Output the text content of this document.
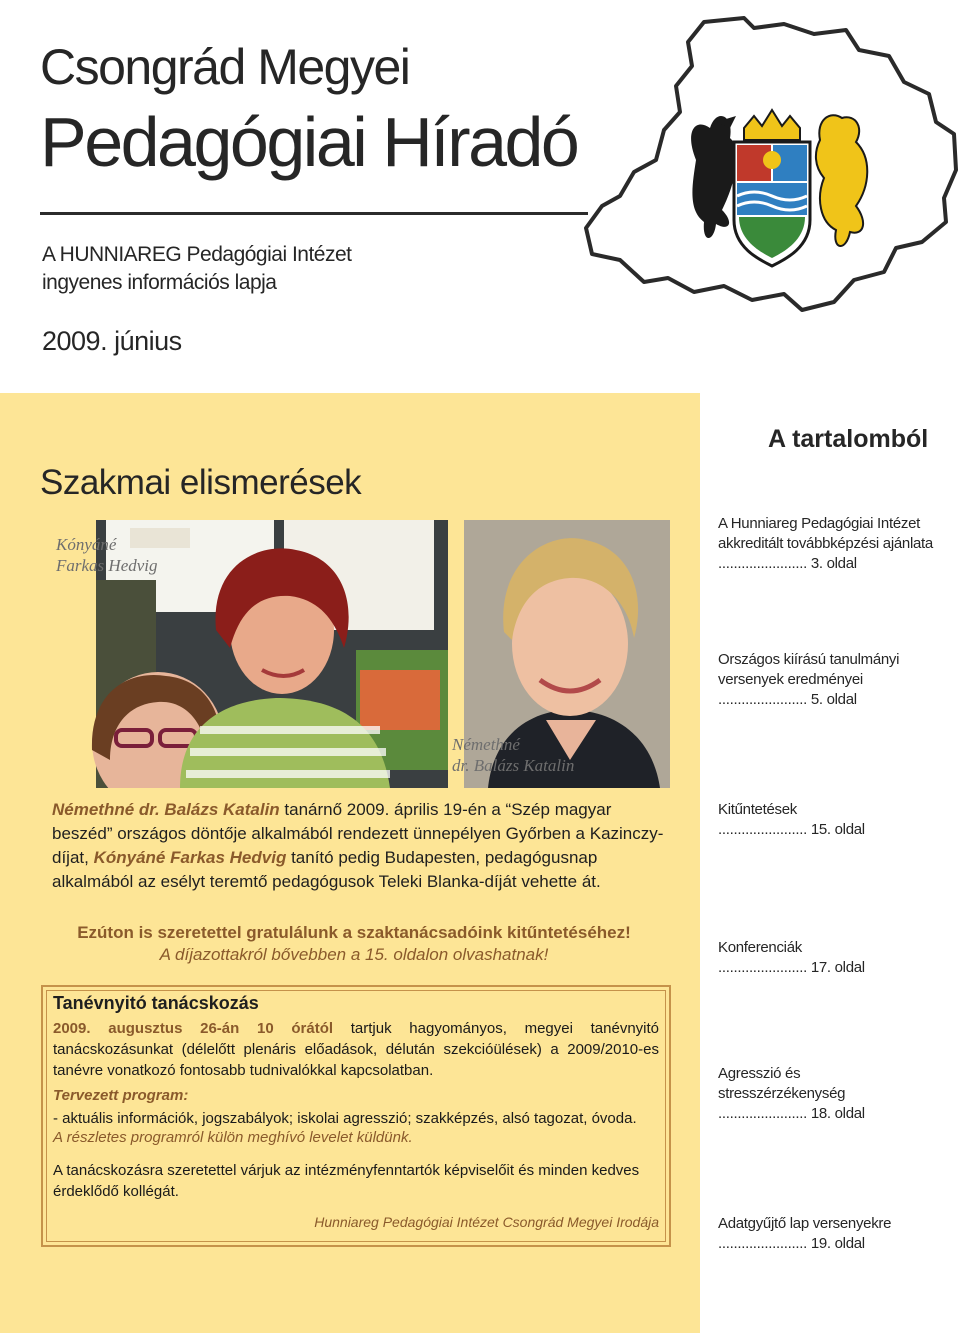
Csongrád Megyei
Pedagógiai Híradó
A HUNNIAREG Pedagógiai Intézet
ingyenes információs lapja
2009. június
Szakmai elismerések
Kónyáné
Farkas Hedvig
Némethné
dr. Balázs Katalin
Némethné dr. Balázs Katalin tanárnő 2009. április 19-én a “Szép magyar beszéd” országos döntője alkalmából rendezett ünnepélyen Győrben a Kazinczy-díjat, Kónyáné Farkas Hedvig tanító pedig Budapesten, pedagógusnap alkalmából az esélyt teremtő pedagógusok Teleki Blanka-díját vehette át.
Ezúton is szeretettel gratulálunk a szaktanácsadóink kitűntetéséhez!
A díjazottakról bővebben a 15. oldalon olvashatnak!
Tanévnyitó tanácskozás
2009. augusztus 26-án 10 órától tartjuk hagyományos, megyei tanévnyitó tanácskozásunkat (délelőtt plenáris előadások, délután szekcióülések) a 2009/2010-es tanévre vonatkozó fontosabb tudnivalókkal kapcsolatban.
Tervezett program:
- aktuális információk, jogszabályok; iskolai agresszió; szakképzés, alsó tagozat, óvoda.
A részletes programról külön meghívó levelet küldünk.
A tanácskozásra szeretettel várjuk az intézményfenntartók képviselőit és minden kedves érdeklődő kollégát.
Hunniareg Pedagógiai Intézet Csongrád Megyei Irodája
A tartalomból
A Hunniareg Pedagógiai Intézet
akkreditált továbbképzési ajánlata
....................... 3. oldal
Országos kiírású tanulmányi
versenyek eredményei
....................... 5. oldal
Kitűntetések
....................... 15. oldal
Konferenciák
....................... 17. oldal
Agresszió és
stresszérzékenység
....................... 18. oldal
Adatgyűjtő lap versenyekre
....................... 19. oldal
